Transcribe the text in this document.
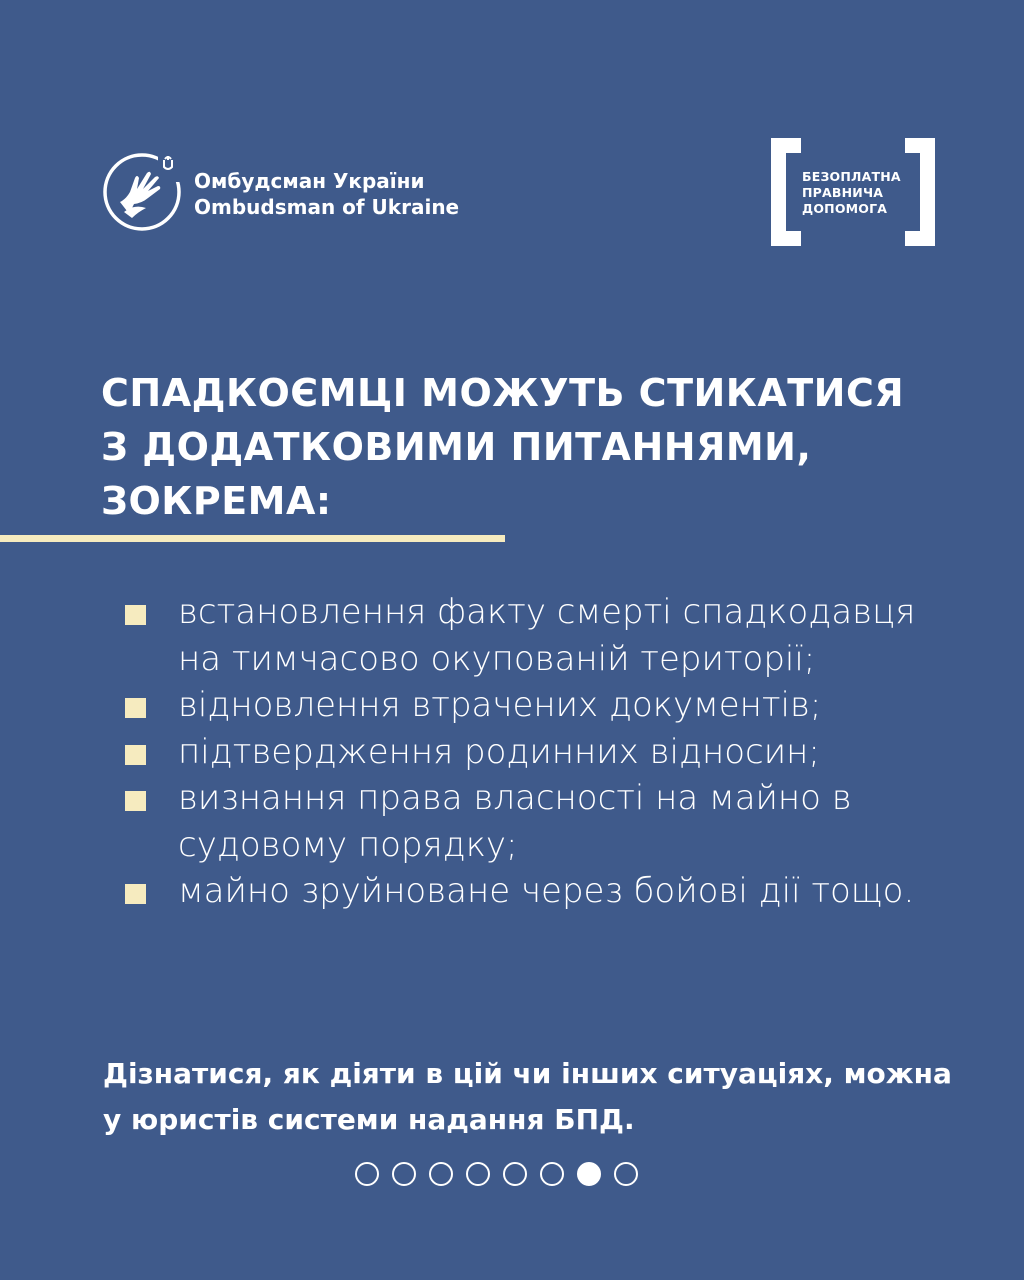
Омбудсман України
Ombudsman of Ukraine
БЕЗОПЛАТНА
ПРАВНИЧА
ДОПОМОГА
СПАДКОЄМЦІ МОЖУТЬ СТИКАТИСЯ З ДОДАТКОВИМИ ПИТАННЯМИ, ЗОКРЕМА:
встановлення факту смерті спадкодавця на тимчасово окупованій території;
відновлення втрачених документів;
підтвердження родинних відносин;
визнання права власності на майно в судовому порядку;
майно зруйноване через бойові дії тощо.

Дізнатися, як діяти в цій чи інших ситуаціях, можна у юристів системи надання БПД.
